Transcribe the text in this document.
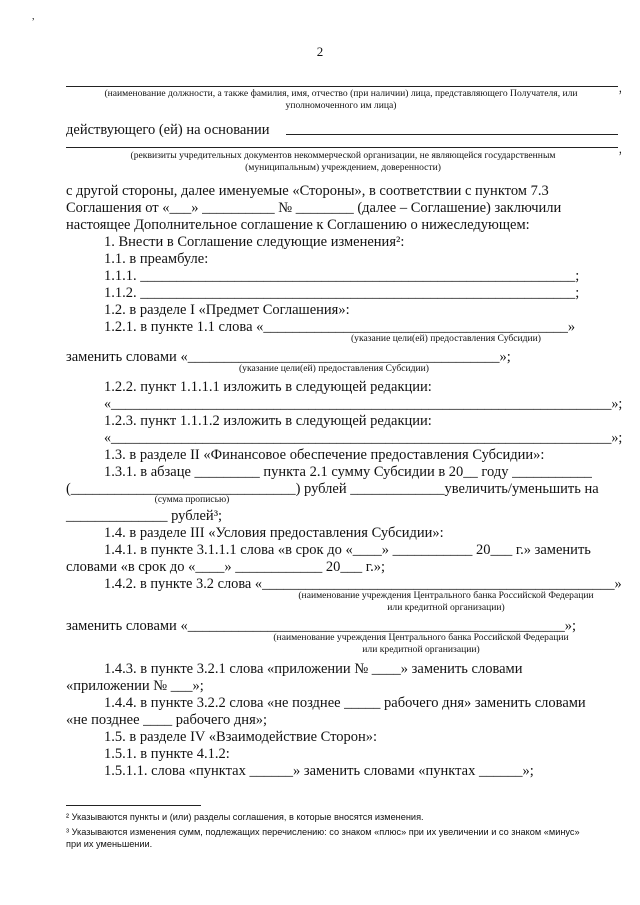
,
2
,
действующего (ей) на основании
,
с другой стороны, далее именуемые «Стороны», в соответствии с пунктом 7.3
Соглашения от «___» __________ № ________ (далее – Соглашение) заключили
настоящее Дополнительное соглашение к Соглашению о нижеследующем:
1. Внести в Соглашение следующие изменения²:
1.1. в преамбуле:
1.1.1. ____________________________________________________________;
1.1.2. ____________________________________________________________;
1.2. в разделе I «Предмет Соглашения»:
1.2.1. в пункте 1.1 слова «__________________________________________»
заменить словами «___________________________________________»;
1.2.2. пункт 1.1.1.1 изложить в следующей редакции:
«_______________________________________________________________________»;
1.2.3. пункт 1.1.1.2 изложить в следующей редакции:
«_______________________________________________________________________»;
1.3. в разделе II «Финансовое обеспечение предоставления Субсидии»:
1.3.1. в абзаце _________ пункта 2.1 сумму Субсидии в 20__ году ___________
(_______________________________) рублей _____________увеличить/уменьшить на
______________ рублей³;
1.4. в разделе III «Условия предоставления Субсидии»:
1.4.1. в пункте 3.1.1.1 слова «в срок до «____» ___________ 20___ г.» заменить
словами «в срок до «____» ____________ 20___ г.»;
1.4.2. в пункте 3.2 слова «_________________________________________________»
заменить словами «____________________________________________________»;
1.4.3. в пункте 3.2.1 слова «приложении № ____» заменить словами
«приложении № ___»;
1.4.4. в пункте 3.2.2 слова «не позднее _____ рабочего дня» заменить словами
«не позднее ____ рабочего дня»;
1.5. в разделе IV «Взаимодействие Сторон»:
1.5.1. в пункте 4.1.2:
1.5.1.1. слова «пунктах ______» заменить словами «пунктах ______»;
(наименование должности, а также фамилия, имя, отчество (при наличии) лица, представляющего Получателя, или
уполномоченного им лица)
(реквизиты учредительных документов некоммерческой организации, не являющейся государственным
(муниципальным) учреждением, доверенности)
(указание цели(ей) предоставления Субсидии)
(указание цели(ей) предоставления Субсидии)
(сумма прописью)
(наименование учреждения Центрального банка Российской Федерации
или кредитной организации)
(наименование учреждения Центрального банка Российской Федерации
или кредитной организации)
² Указываются пункты и (или) разделы соглашения, в которые вносятся изменения.
³ Указываются изменения сумм, подлежащих перечислению: со знаком «плюс» при их увеличении и со знаком «минус»
при их уменьшении.
